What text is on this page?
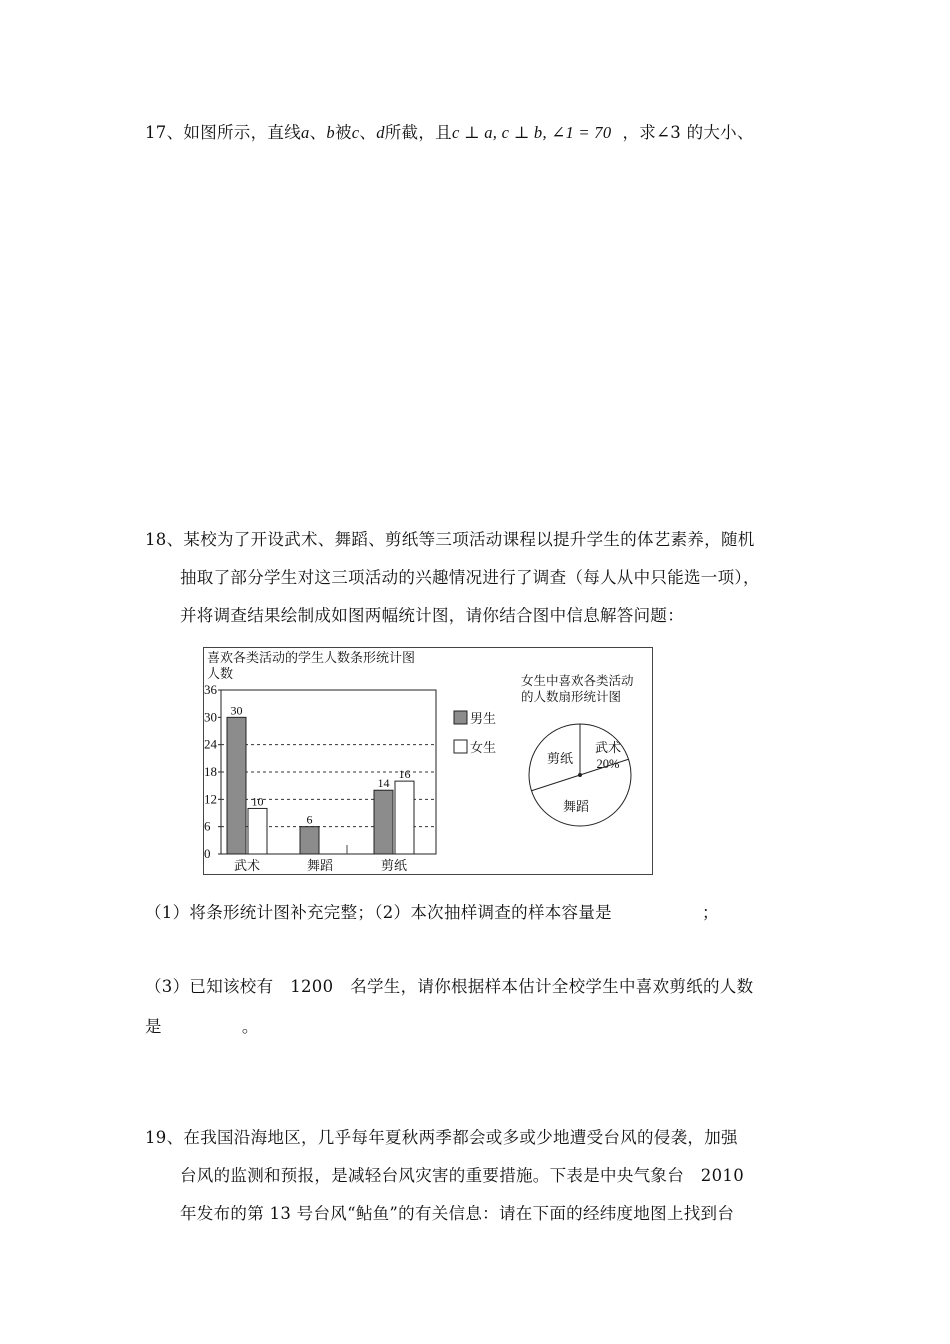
17、如图所示，直线a、b被c、d所截，且c ⊥ a, c ⊥ b, ∠1 = 70 ，求∠3 的大小、
18、某校为了开设武术、舞蹈、剪纸等三项活动课程以提升学生的体艺素养，随机
抽取了部分学生对这三项活动的兴趣情况进行了调查（每人从中只能选一项），
并将调查结果绘制成如图两幅统计图，请你结合图中信息解答问题：
喜欢各类活动的学生人数条形统计图
人数
0
6
12
18
24
30
36
30
10
武术
6
舞蹈
14
16
剪纸
男生
女生
女生中喜欢各类活动
的人数扇形统计图
武术
20%
舞蹈
剪纸
（1）将条形统计图补充完整；（2）本次抽样调查的样本容量是	；
（3）已知该校有　1200　名学生，请你根据样本估计全校学生中喜欢剪纸的人数
是	。
19、在我国沿海地区，几乎每年夏秋两季都会或多或少地遭受台风的侵袭，加强
台风的监测和预报，是减轻台风灾害的重要措施。下表是中央气象台　2010
年发布的第 13 号台风“鲇鱼”的有关信息：请在下面的经纬度地图上找到台
